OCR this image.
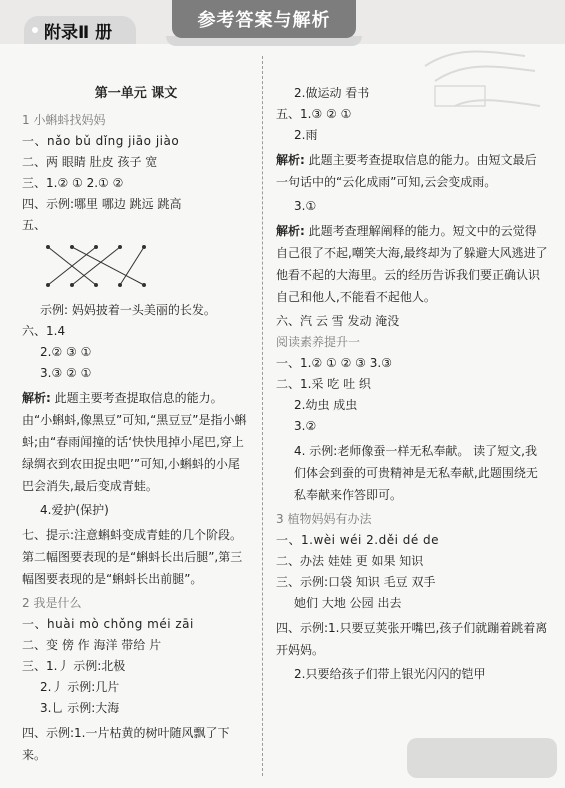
附录Ⅱ 册
参考答案与解析
第一单元 课文
1 小蝌蚪找妈妈
一、nǎo bǔ dǐng jiāo jiào
二、两 眼睛 肚皮 孩子 宽
三、1.② ① 2.① ②
四、示例:哪里 哪边 跳远 跳高
五、
示例: 妈妈披着一头美丽的长发。
六、1.4
2.② ③ ①
3.③ ② ①
解析: 此题主要考查提取信息的能力。由“小蝌蚪,像黑豆”可知,“黑豆豆”是指小蝌蚪;由“春雨闻撞的话‘快快甩掉小尾巴,穿上绿绸衣到农田捉虫吧’”可知,小蝌蚪的小尾巴会消失,最后变成青蛙。
4.爱护(保护)
七、提示:注意蝌蚪变成青蛙的几个阶段。第二幅图要表现的是“蝌蚪长出后腿”,第三幅图要表现的是“蝌蚪长出前腿”。
2 我是什么
一、huài mò chǒng méi zāi
二、变 傍 作 海洋 带给 片
三、1.丿 示例:北极
2.丿 示例:几片
3.乚 示例:大海
四、示例:1.一片枯黄的树叶随风飘了下来。
2.做运动 看书
五、1.③ ② ①
2.雨
解析: 此题主要考查提取信息的能力。由短文最后一句话中的“云化成雨”可知,云会变成雨。
3.①
解析: 此题考查理解阐释的能力。短文中的云觉得自己很了不起,嘲笑大海,最终却为了躲避大风逃进了他看不起的大海里。云的经历告诉我们要正确认识自己和他人,不能看不起他人。
六、汽 云 雪 发动 淹没
阅读素养提升一
一、1.② ① ② ③ 3.③
二、1.采 吃 吐 织
2.幼虫 成虫
3.②
4. 示例:老师像蚕一样无私奉献。 读了短文,我们体会到蚕的可贵精神是无私奉献,此题围绕无私奉献来作答即可。
3 植物妈妈有办法
一、1.wèi wéi 2.děi dé de
二、办法 娃娃 更 如果 知识
三、示例:口袋 知识 毛豆 双手
她们 大地 公园 出去
四、示例:1.只要豆荚张开嘴巴,孩子们就蹦着跳着离开妈妈。
2.只要给孩子们带上银光闪闪的铠甲
